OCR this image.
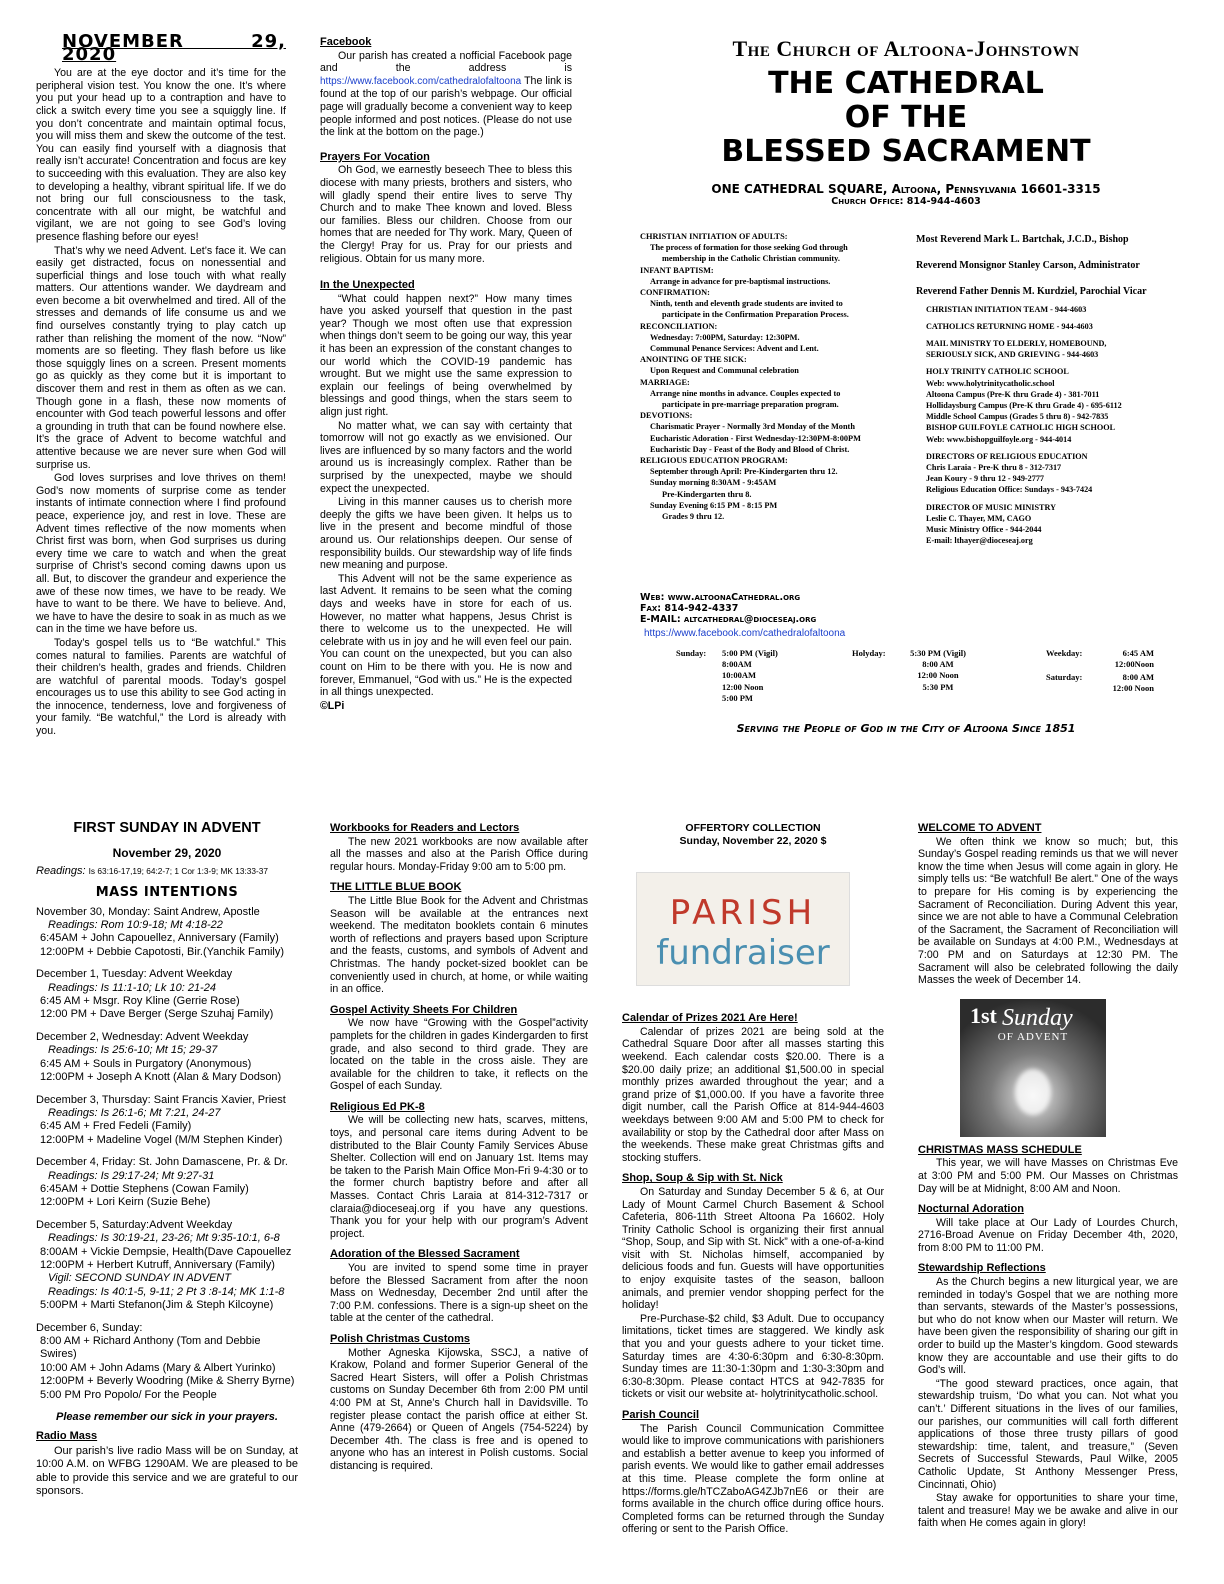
NOVEMBER 29, 2020

You are at the eye doctor and it’s time for the peripheral vision test. You know the one. It’s where you put your head up to a contraption and have to click a switch every time you see a squiggly line. If you don’t concentrate and maintain optimal focus, you will miss them and skew the outcome of the test. You can easily find yourself with a diagnosis that really isn’t accurate! Concentration and focus are key to succeeding with this evaluation. They are also key to developing a healthy, vibrant spiritual life. If we do not bring our full consciousness to the task, concentrate with all our might, be watchful and vigilant, we are not going to see God’s loving presence flashing before our eyes!

That’s why we need Advent. Let’s face it. We can easily get distracted, focus on nonessential and superficial things and lose touch with what really matters. Our attentions wander. We daydream and even become a bit overwhelmed and tired. All of the stresses and demands of life consume us and we find ourselves constantly trying to play catch up rather than relishing the moment of the now. “Now” moments are so fleeting. They flash before us like those squiggly lines on a screen. Present moments go as quickly as they come but it is important to discover them and rest in them as often as we can. Though gone in a flash, these now moments of encounter with God teach powerful lessons and offer a grounding in truth that can be found nowhere else. It’s the grace of Advent to become watchful and attentive because we are never sure when God will surprise us.

God loves surprises and love thrives on them! God’s now moments of surprise come as tender instants of intimate connection where I find profound peace, experience joy, and rest in love. These are Advent times reflective of the now moments when Christ first was born, when God surprises us during every time we care to watch and when the great surprise of Christ’s second coming dawns upon us all. But, to discover the grandeur and experience the awe of these now times, we have to be ready. We have to want to be there. We have to believe. And, we have to have the desire to soak in as much as we can in the time we have before us.

Today’s gospel tells us to “Be watchful.” This comes natural to families. Parents are watchful of their children’s health, grades and friends. Children are watchful of parental moods. Today’s gospel encourages us to use this ability to see God acting in the innocence, tenderness, love and forgiveness of your family. “Be watchful,” the Lord is already with you.

Facebook

Our parish has created a nofficial Facebook page and the address is https://www.facebook.com/cathedralofaltoona The link is found at the top of our parish’s webpage. Our official page will gradually become a convenient way to keep people informed and post notices. (Please do not use the link at the bottom on the page.)

Prayers For Vocation

Oh God, we earnestly beseech Thee to bless this diocese with many priests, brothers and sisters, who will gladly spend their entire lives to serve Thy Church and to make Thee known and loved. Bless our families. Bless our children. Choose from our homes that are needed for Thy work. Mary, Queen of the Clergy! Pray for us. Pray for our priests and religious. Obtain for us many more.

In the Unexpected

“What could happen next?” How many times have you asked yourself that question in the past year? Though we most often use that expression when things don’t seem to be going our way, this year it has been an expression of the constant changes to our world which the COVID-19 pandemic has wrought. But we might use the same expression to explain our feelings of being overwhelmed by blessings and good things, when the stars seem to align just right.

No matter what, we can say with certainty that tomorrow will not go exactly as we envisioned. Our lives are influenced by so many factors and the world around us is increasingly complex. Rather than be surprised by the unexpected, maybe we should expect the unexpected.

Living in this manner causes us to cherish more deeply the gifts we have been given. It helps us to live in the present and become mindful of those around us. Our relationships deepen. Our sense of responsibility builds. Our stewardship way of life finds new meaning and purpose.

This Advent will not be the same experience as last Advent. It remains to be seen what the coming days and weeks have in store for each of us. However, no matter what happens, Jesus Christ is there to welcome us to the unexpected. He will celebrate with us in joy and he will even feel our pain. You can count on the unexpected, but you can also count on Him to be there with you. He is now and forever, Emmanuel, “God with us.” He is the expected in all things unexpected.

©LPi
The Church of Altoona-Johnstown
THE CATHEDRAL
OF THE
BLESSED SACRAMENT
ONE CATHEDRAL SQUARE, Altoona, Pennsylvania 16601-3315
Church Office: 814-944-4603
CHRISTIAN INITIATION OF ADULTS:
The process of formation for those seeking God through
membership in the Catholic Christian community.
INFANT BAPTISM:
Arrange in advance for pre-baptismal instructions.
CONFIRMATION:
Ninth, tenth and eleventh grade students are invited to
participate in the Confirmation Preparation Process.
RECONCILIATION:
Wednesday: 7:00PM, Saturday: 12:30PM.
Communal Penance Services: Advent and Lent.
ANOINTING OF THE SICK:
Upon Request and Communal celebration
MARRIAGE:
Arrange nine months in advance. Couples expected to
participate in pre-marriage preparation program.
DEVOTIONS:
Charismatic Prayer - Normally 3rd Monday of the Month
Eucharistic Adoration - First Wednesday-12:30PM-8:00PM
Eucharistic Day - Feast of the Body and Blood of Christ.
RELIGIOUS EDUCATION PROGRAM:
September through April: Pre-Kindergarten thru 12.
Sunday morning 8:30AM - 9:45AM
Pre-Kindergarten thru 8.
Sunday Evening 6:15 PM - 8:15 PM
Grades 9 thru 12.
Web: www.altoonaCathedral.org
Fax: 814-942-4337
E-MAIL: altcathedral@dioceseaj.org
https://www.facebook.com/cathedralofaltoona
Most Reverend Mark L. Bartchak, J.C.D., Bishop
Reverend Monsignor Stanley Carson, Administrator
Reverend Father Dennis M. Kurdziel, Parochial Vicar
CHRISTIAN INITIATION TEAM - 944-4603
CATHOLICS RETURNING HOME - 944-4603
MAIL MINISTRY TO ELDERLY, HOMEBOUND,
SERIOUSLY SICK, AND GRIEVING - 944-4603
HOLY TRINITY CATHOLIC SCHOOL
Web: www.holytrinitycatholic.school
Altoona Campus (Pre-K thru Grade 4) - 381-7011
Hollidaysburg Campus (Pre-K thru Grade 4) - 695-6112
Middle School Campus (Grades 5 thru 8) - 942-7835
BISHOP GUILFOYLE CATHOLIC HIGH SCHOOL
Web: www.bishopguilfoyle.org - 944-4014
DIRECTORS OF RELIGIOUS EDUCATION
Chris Laraia - Pre-K thru 8 - 312-7317
Jean Koury - 9 thru 12 - 949-2777
Religious Education Office: Sundays - 943-7424
DIRECTOR OF MUSIC MINISTRY
Leslie C. Thayer, MM, CAGO
Music Ministry Office - 944-2044
E-mail: lthayer@dioceseaj.org
Sunday: 5:00 PM (Vigil)
8:00AM
10:00AM
12:00 Noon
5:00 PM
Holyday:	5:30 PM (Vigil)
8:00 AM
12:00 Noon
5:30 PM
Weekday:	6:45 AM
12:00Noon
Saturday:	8:00 AM
12:00 Noon
Serving the People of God in the City of Altoona Since 1851
FIRST SUNDAY IN ADVENT
November 29, 2020
Readings: Is 63:16-17,19; 64:2-7; 1 Cor 1:3-9; MK 13:33-37
MASS INTENTIONS
November 30, Monday: Saint Andrew, Apostle
Readings: Rom 10:9-18; Mt 4:18-22
6:45AM + John Capouellez, Anniversary (Family)
12:00PM + Debbie Capotosti, Bir.(Yanchik Family)
December 1, Tuesday: Advent Weekday
Readings: Is 11:1-10; Lk 10: 21-24
6:45 AM + Msgr. Roy Kline (Gerrie Rose)
12:00 PM + Dave Berger (Serge Szuhaj Family)
December 2, Wednesday: Advent Weekday
Readings: Is 25:6-10; Mt 15; 29-37
6:45 AM + Souls in Purgatory (Anonymous)
12:00PM + Joseph A Knott (Alan & Mary Dodson)
December 3, Thursday: Saint Francis Xavier, Priest
Readings: Is 26:1-6; Mt 7:21, 24-27
6:45 AM + Fred Fedeli (Family)
12:00PM + Madeline Vogel (M/M Stephen Kinder)
December 4, Friday: St. John Damascene, Pr. & Dr.
Readings: Is 29:17-24; Mt 9:27-31
6:45AM + Dottie Stephens (Cowan Family)
12:00PM + Lori Keirn (Suzie Behe)
December 5, Saturday:Advent Weekday
Readings: Is 30:19-21, 23-26; Mt 9:35-10:1, 6-8
8:00AM + Vickie Dempsie, Health(Dave Capouellez
12:00PM + Herbert Kutruff, Anniversary (Family)
Vigil: SECOND SUNDAY IN ADVENT
Readings: Is 40:1-5, 9-11; 2 Pt 3 :8-14; MK 1:1-8
5:00PM + Marti Stefanon(Jim & Steph Kilcoyne)
December 6, Sunday:
8:00 AM + Richard Anthony (Tom and Debbie Swires)
10:00 AM + John Adams (Mary & Albert Yurinko)
12:00PM + Beverly Woodring (Mike & Sherry Byrne)
5:00 PM Pro Popolo/ For the People
Please remember our sick in your prayers.
Radio Mass

Our parish’s live radio Mass will be on Sunday, at 10:00 A.M. on WFBG 1290AM. We are pleased to be able to provide this service and we are grateful to our sponsors.

Workbooks for Readers and Lectors

The new 2021 workbooks are now available after all the masses and also at the Parish Office during regular hours. Monday-Friday 9:00 am to 5:00 pm.

THE LITTLE BLUE BOOK

The Little Blue Book for the Advent and Christmas Season will be available at the entrances next weekend. The meditaton booklets contain 6 minutes worth of reflections and prayers based upon Scripture and the feasts, customs, and symbols of Advent and Christmas. The handy pocket-sized booklet can be conveniently used in church, at home, or while waiting in an office.

Gospel Activity Sheets For Children

We now have “Growing with the Gospel”activity pamplets for the children in gades Kindergarden to first grade, and also second to third grade. They are located on the table in the cross aisle. They are available for the children to take, it reflects on the Gospel of each Sunday.

Religious Ed PK-8

We will be collecting new hats, scarves, mittens, toys, and personal care items during Advent to be distributed to the Blair County Family Services Abuse Shelter. Collection will end on January 1st. Items may be taken to the Parish Main Office Mon-Fri 9-4:30 or to the former church baptistry before and after all Masses. Contact Chris Laraia at 814-312-7317 or claraia@dioceseaj.org if you have any questions. Thank you for your help with our program’s Advent project.

Adoration of the Blessed Sacrament

You are invited to spend some time in prayer before the Blessed Sacrament from after the noon Mass on Wednesday, December 2nd until after the 7:00 P.M. confessions. There is a sign-up sheet on the table at the center of the cathedral.

Polish Christmas Customs

Mother Agneska Kijowska, SSCJ, a native of Krakow, Poland and former Superior General of the Sacred Heart Sisters, will offer a Polish Christmas customs on Sunday December 6th from 2:00 PM until 4:00 PM at St, Anne’s Church hall in Davidsville. To register please contact the parish office at either St. Anne (479-2664) or Queen of Angels (754-5224) by December 4th. The class is free and is opened to anyone who has an interest in Polish customs. Social distancing is required.

OFFERTORY COLLECTION
Sunday, November 22, 2020 $
Calendar of Prizes 2021 Are Here!

Calendar of prizes 2021 are being sold at the Cathedral Square Door after all masses starting this weekend. Each calendar costs $20.00. There is a $20.00 daily prize; an additional $1,500.00 in special monthly prizes awarded throughout the year; and a grand prize of $1,000.00. If you have a favorite three digit number, call the Parish Office at 814-944-4603 weekdays between 9:00 AM and 5:00 PM to check for availability or stop by the Cathedral door after Mass on the weekends. These make great Christmas gifts and stocking stuffers.

Shop, Soup & Sip with St. Nick

On Saturday and Sunday December 5 & 6, at Our Lady of Mount Carmel Church Basement & School Cafeteria, 806-11th Street Altoona Pa 16602. Holy Trinity Catholic School is organizing their first annual “Shop, Soup, and Sip with St. Nick” with a one-of-a-kind visit with St. Nicholas himself, accompanied by delicious foods and fun. Guests will have opportunities to enjoy exquisite tastes of the season, balloon animals, and premier vendor shopping perfect for the holiday!

Pre-Purchase-$2 child, $3 Adult. Due to occupancy limitations, ticket times are staggered. We kindly ask that you and your guests adhere to your ticket time. Saturday times are 4:30-6:30pm and 6:30-8:30pm. Sunday times are 11:30-1:30pm and 1:30-3:30pm and 6:30-8:30pm. Please contact HTCS at 942-7835 for tickets or visit our website at- holytrinitycatholic.school.

Parish Council

The Parish Council Communication Committee would like to improve communications with parishioners and establish a better avenue to keep you informed of parish events. We would like to gather email addresses at this time. Please complete the form online at https://forms.gle/hTCZaboAG4ZJb7nE6 or their are forms available in the church office during office hours. Completed forms can be returned through the Sunday offering or sent to the Parish Office.

PARISH
fundraiser
WELCOME TO ADVENT

We often think we know so much; but, this Sunday’s Gospel reading reminds us that we will never know the time when Jesus will come again in glory. He simply tells us: “Be watchful! Be alert.” One of the ways to prepare for His coming is by experiencing the Sacrament of Reconciliation. During Advent this year, since we are not able to have a Communal Celebration of the Sacrament, the Sacrament of Reconciliation will be available on Sundays at 4:00 P.M., Wednesdays at 7:00 PM and on Saturdays at 12:30 PM. The Sacrament will also be celebrated following the daily Masses the week of December 14.

CHRISTMAS MASS SCHEDULE

This year, we will have Masses on Christmas Eve at 3:00 PM and 5:00 PM. Our Masses on Christmas Day will be at Midnight, 8:00 AM and Noon.

Nocturnal Adoration

Will take place at Our Lady of Lourdes Church, 2716-Broad Avenue on Friday December 4th, 2020, from 8:00 PM to 11:00 PM.

Stewardship Reflections

As the Church begins a new liturgical year, we are reminded in today’s Gospel that we are nothing more than servants, stewards of the Master’s possessions, but who do not know when our Master will return. We have been given the responsibility of sharing our gift in order to build up the Master’s kingdom. Good stewards know they are accountable and use their gifts to do God’s will.

“The good steward practices, once again, that stewardship truism, ‘Do what you can. Not what you can’t.’ Different situations in the lives of our families, our parishes, our communities will call forth different applications of those three trusty pillars of good stewardship: time, talent, and treasure,” (Seven Secrets of Successful Stewards, Paul Wilke, 2005 Catholic Update, St Anthony Messenger Press, Cincinnati, Ohio)

Stay awake for opportunities to share your time, talent and treasure! May we be awake and alive in our faith when He comes again in glory!

1st Sunday
OF ADVENT
